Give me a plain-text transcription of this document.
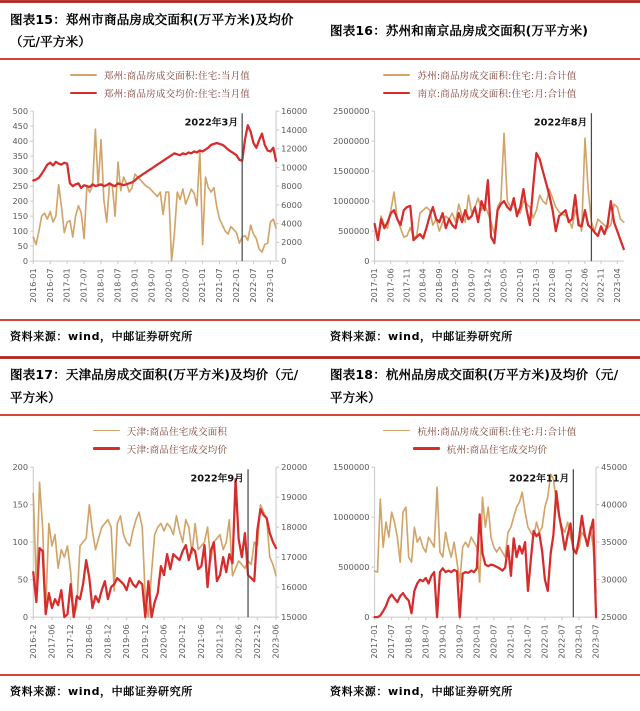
图表15：郑州市商品房成交面积(万平方米)及均价（元/平方米）
图表16：苏州和南京品房成交面积(万平方米)
郑州:商品房成交面积:住宅:当月值
郑州:商品房成交均价:住宅:当月值
0
50
100
150
200
250
300
350
400
450
500
0
2000
4000
6000
8000
10000
12000
14000
16000
2016-01 2016-07 2017-01 2017-07 2018-01 2018-07 2019-01 2019-07 2020-01 2020-07 2021-01 2021-07 2022-01 2022-07 2023-01
2022年3月
苏州:商品房成交面积:住宅:月:合计值
南京:商品房成交面积:住宅:月:合计值
0
500000
1000000
1500000
2000000
2500000
2017-01 2017-06 2017-11 2018-04 2018-09 2019-02 2019-07 2019-12 2020-05 2020-10 2021-03 2021-08 2022-01 2022-06 2022-11 2023-04
2022年8月
资料来源：wind，中邮证券研究所	资料来源：wind，中邮证券研究所
图表17：天津品房成交面积(万平方米)及均价（元/平方米）
图表18：杭州品房成交面积(万平方米)及均价（元/平方米）
天津:商品住宅成交面积
天津:商品住宅成交均价
0
50
100
150
200
15000
16000
17000
18000
19000
20000
2016-12 2017-06 2017-12 2018-06 2018-12 2019-06 2019-12 2020-06 2020-12 2021-06 2021-12 2022-06 2022-12 2023-06
2022年9月
杭州:商品房成交面积:住宅:月:合计值
杭州:商品住宅成交均价
0
500000
1000000
1500000
25000
30000
35000
40000
45000
2017-01 2017-07 2018-01 2018-07 2019-01 2019-07 2020-01 2020-07 2021-01 2021-07 2022-01 2022-07 2023-01 2023-07
2022年11月
资料来源：wind，中邮证券研究所	资料来源：wind，中邮证券研究所
